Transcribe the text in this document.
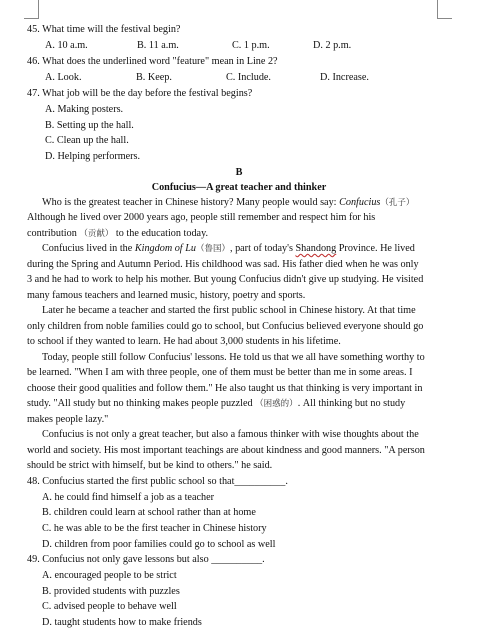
45. What time will the festival begin?
A. 10 a.m.	B. 11 a.m.	C. 1 p.m.	D. 2 p.m.
46. What does the underlined word "feature" mean in Line 2?
A. Look.	B. Keep.	C. Include.	D. Increase.
47. What job will be the day before the festival begins?
A. Making posters.
B. Setting up the hall.
C. Clean up the hall.
D. Helping performers.
B
Confucius—A great teacher and thinker
Who is the greatest teacher in Chinese history? Many people would say: Confucius（孔子）
Although he lived over 2000 years ago, people still remember and respect him for his
contribution （贡献） to the education today.
Confucius lived in the Kingdom of Lu（鲁国）, part of today's Shandong Province. He lived
during the Spring and Autumn Period. His childhood was sad. His father died when he was only
3 and he had to work to help his mother. But young Confucius didn't give up studying. He visited
many famous teachers and learned music, history, poetry and sports.
Later he became a teacher and started the first public school in Chinese history. At that time
only children from noble families could go to school, but Confucius believed everyone should go
to school if they wanted to learn. He had about 3,000 students in his lifetime.
Today, people still follow Confucius' lessons. He told us that we all have something worthy to
be learned. "When I am with three people, one of them must be better than me in some areas. I
choose their good qualities and follow them." He also taught us that thinking is very important in
study. "All study but no thinking makes people puzzled （困惑的）. All thinking but no study
makes people lazy."
Confucius is not only a great teacher, but also a famous thinker with wise thoughts about the
world and society. His most important teachings are about kindness and good manners. "A person
should be strict with himself, but be kind to others." he said.
48. Confucius started the first public school so that__________.
A. he could find himself a job as a teacher
B. children could learn at school rather than at home
C. he was able to be the first teacher in Chinese history
D. children from poor families could go to school as well
49. Confucius not only gave lessons but also __________.
A. encouraged people to be strict
B. provided students with puzzles
C. advised people to behave well
D. taught students how to make friends
